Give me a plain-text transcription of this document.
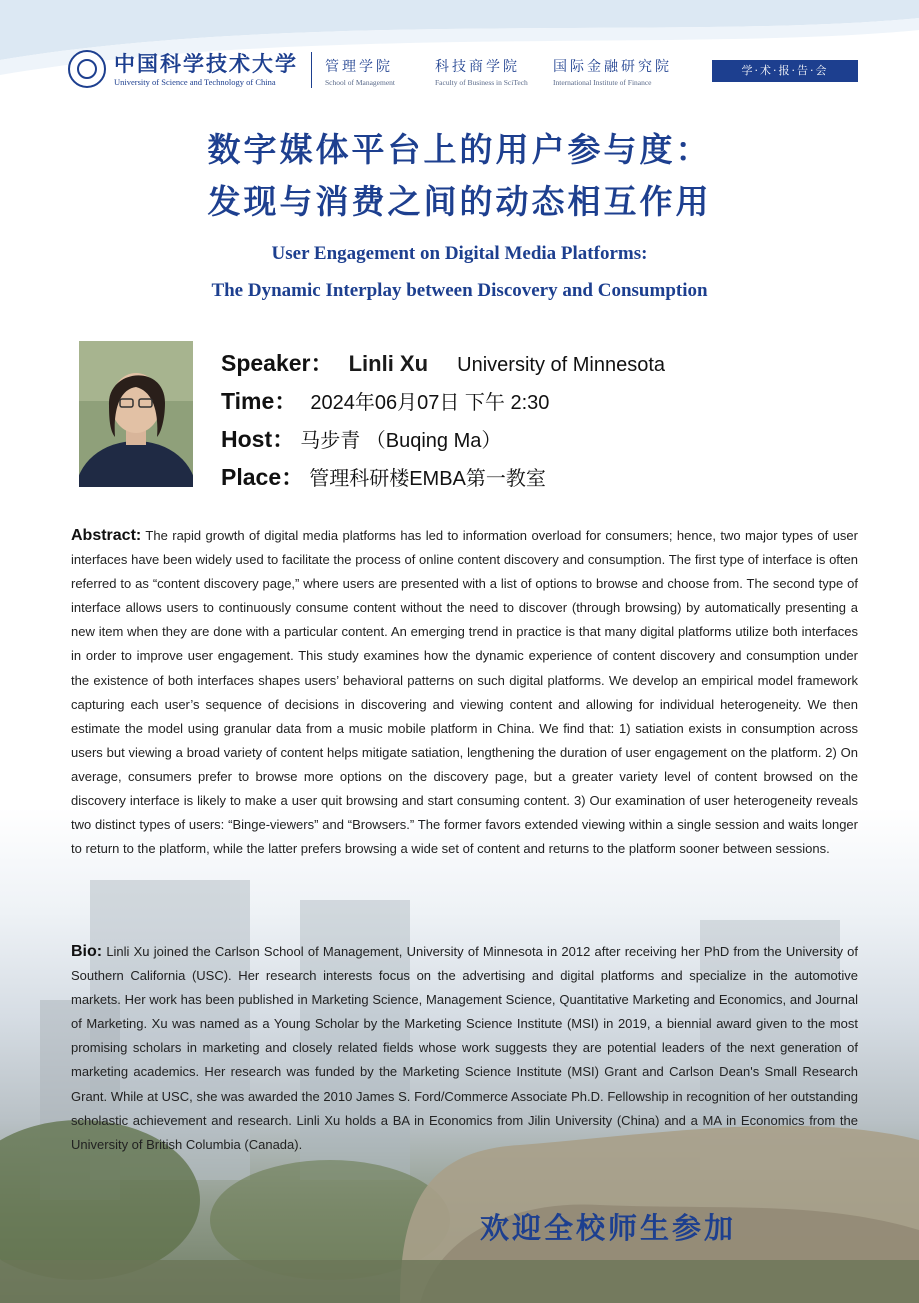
中国科学技术大学
University of Science and Technology of China
管理学院
School of Management
科技商学院
Faculty of Business in SciTech
国际金融研究院
International Institute of Finance
学·术·报·告·会
数字媒体平台上的用户参与度：
发现与消费之间的动态相互作用
User Engagement on Digital Media Platforms:
The Dynamic Interplay between Discovery and Consumption
Speaker： Linli Xu University of Minnesota
Time： 2024年06月07日 下午 2:30
Host： 马步青 （Buqing Ma）
Place： 管理科研楼EMBA第一教室

Abstract: The rapid growth of digital media platforms has led to information overload for consumers; hence, two major types of user interfaces have been widely used to facilitate the process of online content discovery and consumption. The first type of interface is often referred to as “content discovery page,” where users are presented with a list of options to browse and choose from. The second type of interface allows users to continuously consume content without the need to discover (through browsing) by automatically presenting a new item when they are done with a particular content. An emerging trend in practice is that many digital platforms utilize both interfaces in order to improve user engagement. This study examines how the dynamic experience of content discovery and consumption under the existence of both interfaces shapes users’ behavioral patterns on such digital platforms. We develop an empirical model framework capturing each user’s sequence of decisions in discovering and viewing content and allowing for individual heterogeneity. We then estimate the model using granular data from a music mobile platform in China. We find that: 1) satiation exists in consumption across users but viewing a broad variety of content helps mitigate satiation, lengthening the duration of user engagement on the platform. 2) On average, consumers prefer to browse more options on the discovery page, but a greater variety level of content browsed on the discovery interface is likely to make a user quit browsing and start consuming content. 3) Our examination of user heterogeneity reveals two distinct types of users: “Binge-viewers” and “Browsers.” The former favors extended viewing within a single session and waits longer to return to the platform, while the latter prefers browsing a wide set of content and returns to the platform sooner between sessions.

Bio: Linli Xu joined the Carlson School of Management, University of Minnesota in 2012 after receiving her PhD from the University of Southern California (USC). Her research interests focus on the advertising and digital platforms and specialize in the automotive markets. Her work has been published in Marketing Science, Management Science, Quantitative Marketing and Economics, and Journal of Marketing. Xu was named as a Young Scholar by the Marketing Science Institute (MSI) in 2019, a biennial award given to the most promising scholars in marketing and closely related fields whose work suggests they are potential leaders of the next generation of marketing academics. Her research was funded by the Marketing Science Institute (MSI) Grant and Carlson Dean's Small Research Grant. While at USC, she was awarded the 2010 James S. Ford/Commerce Associate Ph.D. Fellowship in recognition of her outstanding scholastic achievement and research. Linli Xu holds a BA in Economics from Jilin University (China) and a MA in Economics from the University of British Columbia (Canada).

欢迎全校师生参加
